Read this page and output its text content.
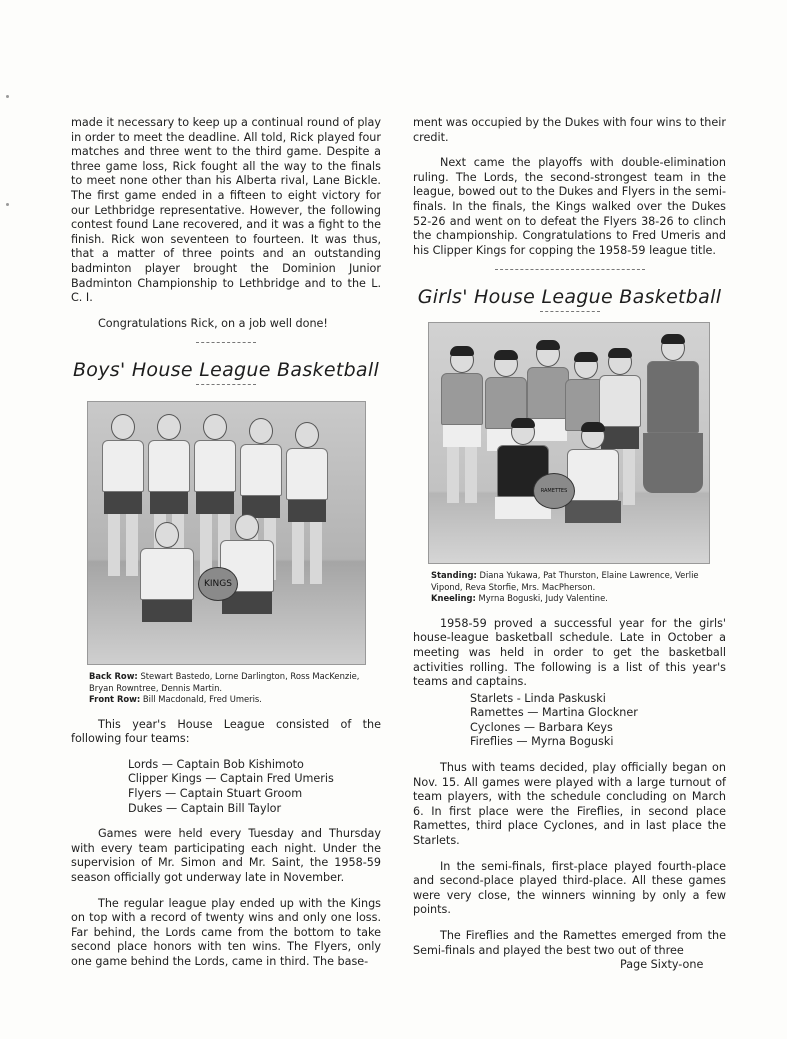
made it necessary to keep up a continual round of play in order to meet the deadline. All told, Rick played four matches and three went to the third game. Despite a three game loss, Rick fought all the way to the finals to meet none other than his Alberta rival, Lane Bickle. The first game ended in a fifteen to eight victory for our Lethbridge representative. However, the following contest found Lane recovered, and it was a fight to the finish. Rick won seventeen to fourteen. It was thus, that a matter of three points and an outstanding badminton player brought the Dominion Junior Badminton Championship to Lethbridge and to the L. C. I.

Congratulations Rick, on a job well done!

Boys' House League Basketball
KINGS
Back Row: Stewart Bastedo, Lorne Darlington, Ross MacKenzie, Bryan Rowntree, Dennis Martin.
Front Row: Bill Macdonald, Fred Umeris.

This year's House League consisted of the following four teams:

Lords — Captain Bob Kishimoto
Clipper Kings — Captain Fred Umeris
Flyers — Captain Stuart Groom
Dukes — Captain Bill Taylor

Games were held every Tuesday and Thursday with every team participating each night. Under the supervision of Mr. Simon and Mr. Saint, the 1958-59 season officially got underway late in November.

The regular league play ended up with the Kings on top with a record of twenty wins and only one loss. Far behind, the Lords came from the bottom to take second place honors with ten wins. The Flyers, only one game behind the Lords, came in third. The base-

ment was occupied by the Dukes with four wins to their credit.

Next came the playoffs with double-elimination ruling. The Lords, the second-strongest team in the league, bowed out to the Dukes and Flyers in the semi-finals. In the finals, the Kings walked over the Dukes 52-26 and went on to defeat the Flyers 38-26 to clinch the championship. Congratulations to Fred Umeris and his Clipper Kings for copping the 1958-59 league title.

Girls' House League Basketball
RAMETTES
Standing: Diana Yukawa, Pat Thurston, Elaine Lawrence, Verlie Vipond, Reva Storfie, Mrs. MacPherson.
Kneeling: Myrna Boguski, Judy Valentine.

1958-59 proved a successful year for the girls' house-league basketball schedule. Late in October a meeting was held in order to get the basketball activities rolling. The following is a list of this year's teams and captains.

Starlets - Linda Paskuski
Ramettes — Martina Glockner
Cyclones — Barbara Keys
Fireflies — Myrna Boguski

Thus with teams decided, play officially began on Nov. 15. All games were played with a large turnout of team players, with the schedule concluding on March 6. In first place were the Fireflies, in second place Ramettes, third place Cyclones, and in last place the Starlets.

In the semi-finals, first-place played fourth-place and second-place played third-place. All these games were very close, the winners winning by only a few points.

The Fireflies and the Ramettes emerged from the Semi-finals and played the best two out of three

Page Sixty-one
